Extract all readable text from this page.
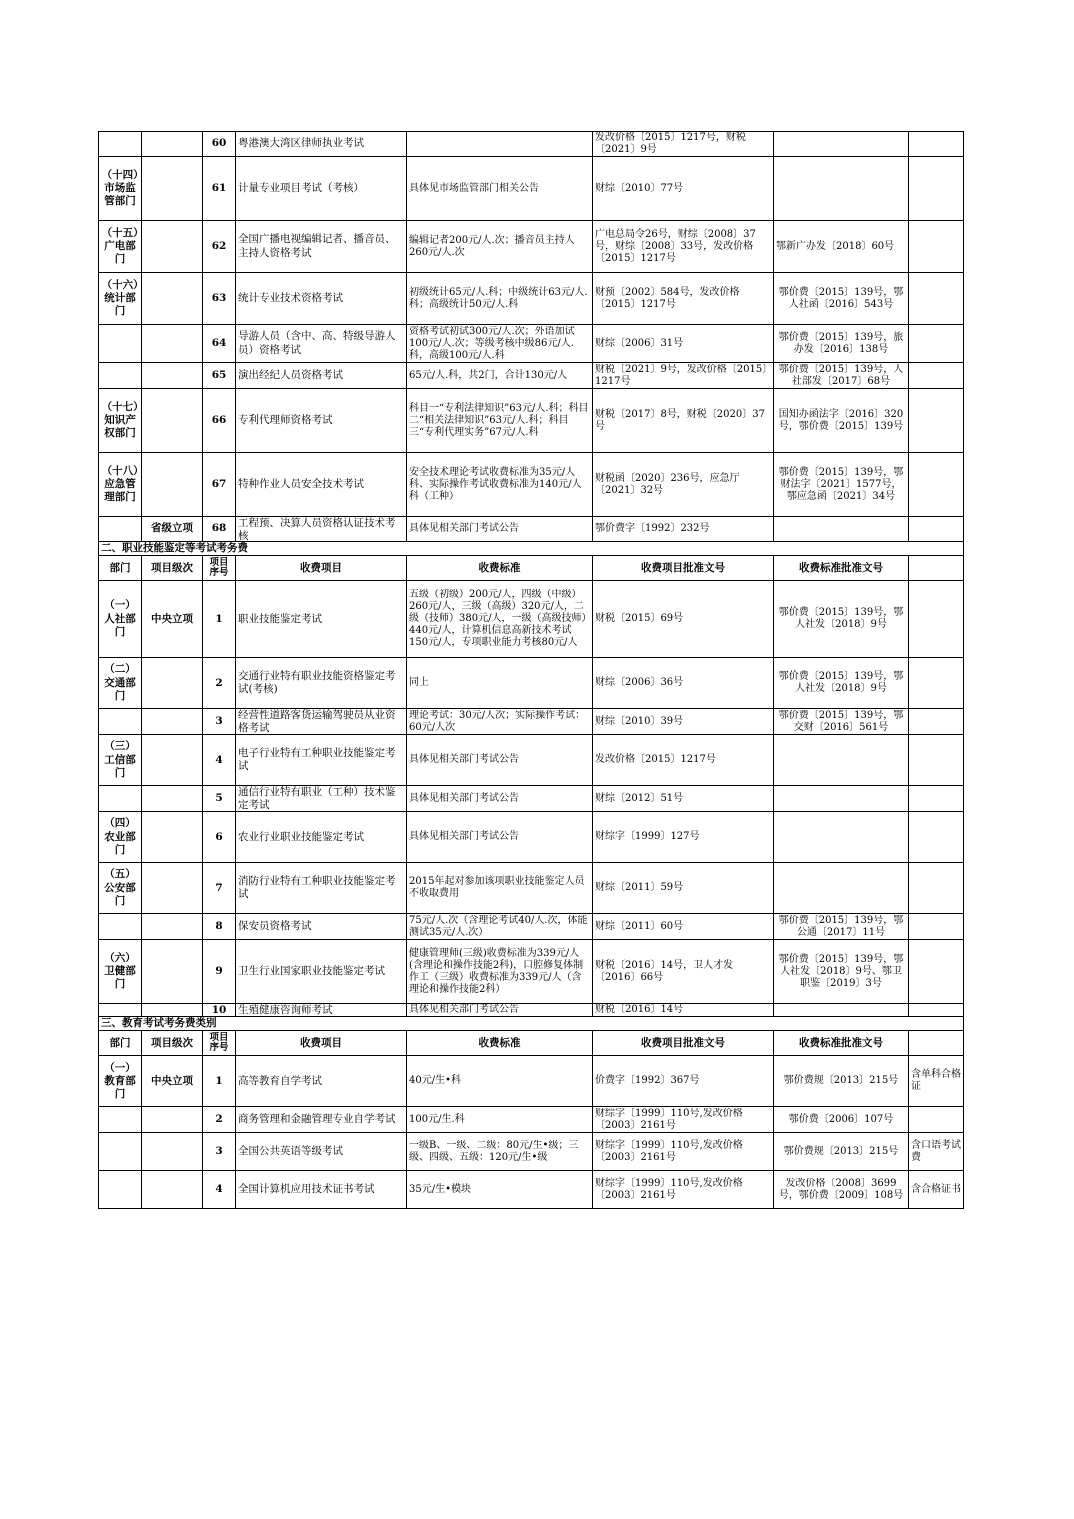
		60	粤港澳大湾区律师执业考试		发改价格〔2015〕1217号，财税〔2021〕9号		
（十四）市场监管部门		61	计量专业项目考试（考核）	具体见市场监管部门相关公告	财综〔2010〕77号		
（十五）广电部门		62	全国广播电视编辑记者、播音员、主持人资格考试	编辑记者200元/人.次；播音员主持人260元/人.次	广电总局令26号，财综〔2008〕37号，财综〔2008〕33号，发改价格〔2015〕1217号	鄂新广办发〔2018〕60号	
（十六）统计部门		63	统计专业技术资格考试	初级统计65元/人.科；中级统计63元/人.科；高级统计50元/人.科	财预〔2002〕584号，发改价格〔2015〕1217号	鄂价费〔2015〕139号，鄂人社函〔2016〕543号	
		64	导游人员（含中、高、特级导游人员）资格考试	资格考试初试300元/人.次；外语加试100元/人.次；等级考核中级86元/人.科，高级100元/人.科	财综〔2006〕31号	鄂价费〔2015〕139号，旅办发〔2016〕138号	
		65	演出经纪人员资格考试	65元/人.科，共2门，合计130元/人	财税〔2021〕9号，发改价格〔2015〕1217号	鄂价费〔2015〕139号，人社部发〔2017〕68号	

（十七）知识产权部门		66	专利代理师资格考试	科目一“专利法律知识”63元/人.科；科目二“相关法律知识”63元/人.科；科目三“专利代理实务”67元/人.科	财税〔2017〕8号，财税〔2020〕37号	国知办函法字〔2016〕320号，鄂价费〔2015〕139号	
（十八）应急管理部门		67	特种作业人员安全技术考试	安全技术理论考试收费标准为35元/人科、实际操作考试收费标准为140元/人科（工种）	财税函〔2020〕236号，应急厅〔2021〕32号	鄂价费〔2015〕139号，鄂财法字〔2021〕1577号，鄂应急函〔2021〕34号	
	省级立项	68	工程预、决算人员资格认证技术考核	具体见相关部门考试公告	鄂价费字〔1992〕232号		
二、职业技能鉴定等考试考务费							
部门	项目级次	项目序号	收费项目	收费标准	收费项目批准文号	收费标准批准文号	
（一）人社部门	中央立项	1	职业技能鉴定考试	五级（初级）200元/人，四级（中级）260元/人，三级（高级）320元/人，二级（技师）380元/人，一级（高级技师）440元/人，计算机信息高新技术考试150元/人，专项职业能力考核80元/人	财税〔2015〕69号	鄂价费〔2015〕139号，鄂人社发〔2018〕9号	
（二）交通部门		2	交通行业特有职业技能资格鉴定考试(考核)	同上	财综〔2006〕36号	鄂价费〔2015〕139号，鄂人社发〔2018〕9号	
		3	经营性道路客货运输驾驶员从业资格考试	理论考试：30元/人次；实际操作考试：60元/人次	财综〔2010〕39号	鄂价费〔2015〕139号，鄂交财〔2016〕561号	

（三）工信部门		4	电子行业特有工种职业技能鉴定考试	具体见相关部门考试公告	发改价格〔2015〕1217号		
		5	通信行业特有职业（工种）技术鉴定考试	具体见相关部门考试公告	财综〔2012〕51号		
（四）农业部门		6	农业行业职业技能鉴定考试	具体见相关部门考试公告	财综字〔1999〕127号		
（五）公安部门		7	消防行业特有工种职业技能鉴定考试	2015年起对参加该项职业技能鉴定人员不收取费用	财综〔2011〕59号		
		8	保安员资格考试	75元/人.次（含理论考试40/人.次，体能测试35元/人.次）	财综〔2011〕60号	鄂价费〔2015〕139号，鄂公通〔2017〕11号	

（六）卫健部门		9	卫生行业国家职业技能鉴定考试	健康管理师(三级)收费标准为339元/人(含理论和操作技能2科)，口腔修复体制作工（三级）收费标准为339元/人（含理论和操作技能2科）	财税〔2016〕14号，卫人才发〔2016〕66号	鄂价费〔2015〕139号，鄂人社发〔2018〕9号、鄂卫职鉴〔2019〕3号	

		10	生殖健康咨询师考试	具体见相关部门考试公告	财税〔2016〕14号		

三、教育考试考务费类别							
部门	项目级次	项目序号	收费项目	收费标准	收费项目批准文号	收费标准批准文号	
（一）教育部门	中央立项	1	高等教育自学考试	40元/生•科	价费字〔1992〕367号	鄂价费规〔2013〕215号	含单科合格证
		2	商务管理和金融管理专业自学考试	100元/生.科	财综字〔1999〕110号,发改价格〔2003〕2161号	鄂价费〔2006〕107号	
		3	全国公共英语等级考试	一级B、一级、二级：80元/生•级；三级、四级、五级：120元/生•级	财综字〔1999〕110号,发改价格〔2003〕2161号	鄂价费规〔2013〕215号	含口语考试费
		4	全国计算机应用技术证书考试	35元/生•模块	财综字〔1999〕110号,发改价格〔2003〕2161号	发改价格〔2008〕3699号，鄂价费〔2009〕108号	含合格证书
